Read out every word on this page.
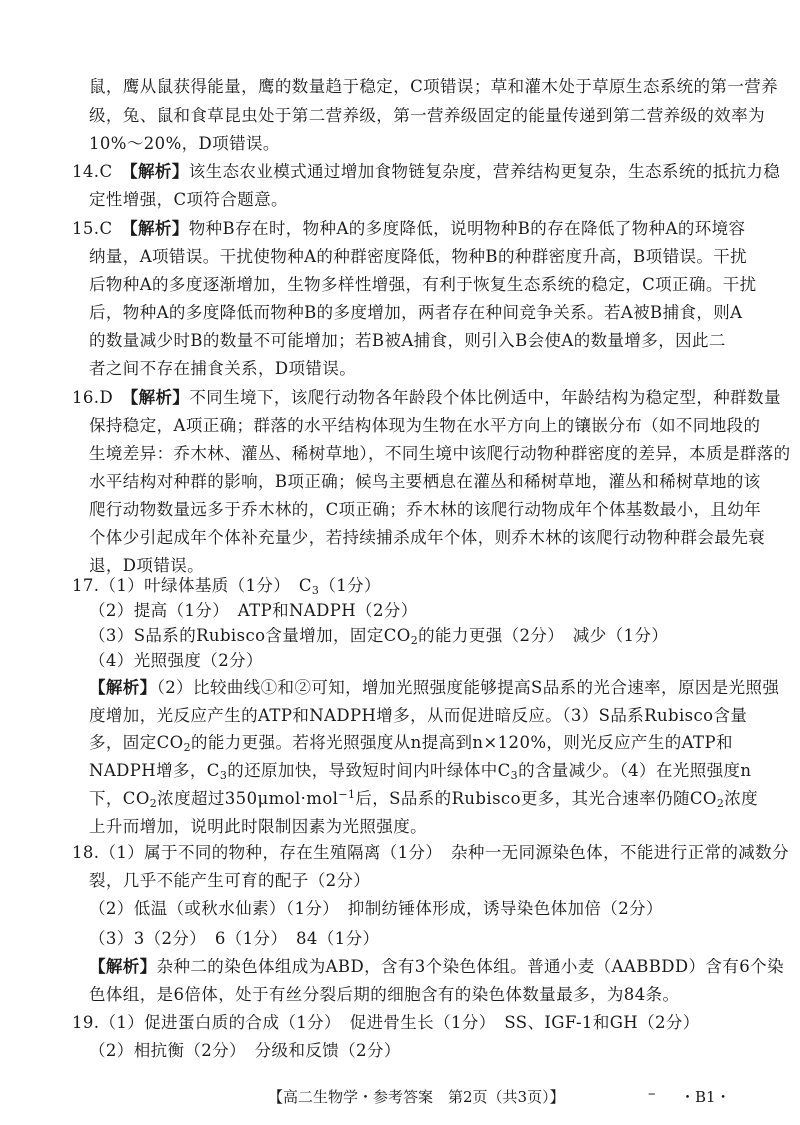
鼠，鹰从鼠获得能量，鹰的数量趋于稳定，C项错误；草和灌木处于草原生态系统的第一营养
级，兔、鼠和食草昆虫处于第二营养级，第一营养级固定的能量传递到第二营养级的效率为
10%～20%，D项错误。
14.C　【解析】该生态农业模式通过增加食物链复杂度，营养结构更复杂，生态系统的抵抗力稳
定性增强，C项符合题意。
15.C　【解析】物种B存在时，物种A的多度降低，说明物种B的存在降低了物种A的环境容
纳量，A项错误。干扰使物种A的种群密度降低，物种B的种群密度升高，B项错误。干扰
后物种A的多度逐渐增加，生物多样性增强，有利于恢复生态系统的稳定，C项正确。干扰
后，物种A的多度降低而物种B的多度增加，两者存在种间竞争关系。若A被B捕食，则A
的数量减少时B的数量不可能增加；若B被A捕食，则引入B会使A的数量增多，因此二
者之间不存在捕食关系，D项错误。
16.D　【解析】不同生境下，该爬行动物各年龄段个体比例适中，年龄结构为稳定型，种群数量
保持稳定，A项正确；群落的水平结构体现为生物在水平方向上的镶嵌分布（如不同地段的
生境差异：乔木林、灌丛、稀树草地），不同生境中该爬行动物种群密度的差异，本质是群落的
水平结构对种群的影响，B项正确；候鸟主要栖息在灌丛和稀树草地，灌丛和稀树草地的该
爬行动物数量远多于乔木林的，C项正确；乔木林的该爬行动物成年个体基数最小，且幼年
个体少引起成年个体补充量少，若持续捕杀成年个体，则乔木林的该爬行动物种群会最先衰
退，D项错误。
17.（1）叶绿体基质（1分）　$C_3(1$分）
（2）提高（1分）　ATP和NADPH（2分）
（3）S品系的Rubisco含量增加，固定$CO_2$的能力更强（2分）　减少（1分）
（4）光照强度（2分）
【解析】（2）比较曲线①和②可知，增加光照强度能够提高S品系的光合速率，原因是光照强
度增加，光反应产生的ATP和NADPH增多，从而促进暗反应。（3）S品系Rubisco含量
多，固定$CO_2$的能力更强。若将光照强度从n提高到n×120%，则光反应产生的ATP和
NADPH增多，$C_3$的还原加快，导致短时间内叶绿体中$C_3$的含量减少。（4）在光照强度n
下，$CO_2$浓度超过350μmol·mol$^{-1}$后，S品系的Rubisco更多，其光合速率仍随$CO_2$浓度
上升而增加，说明此时限制因素为光照强度。
18.（1）属于不同的物种，存在生殖隔离（1分）　杂种一无同源染色体，不能进行正常的减数分
裂，几乎不能产生可育的配子（2分）
（2）低温（或秋水仙素）（1分）　抑制纺锤体形成，诱导染色体加倍（2分）
（3）3（2分）　6（1分）　84（1分）
【解析】杂种二的染色体组成为ABD，含有3个染色体组。普通小麦（AABBDD）含有6个染
色体组，是6倍体，处于有丝分裂后期的细胞含有的染色体数量最多，为84条。
19.（1）促进蛋白质的合成（1分）　促进骨生长（1分）　SS、IGF-1和GH（2分）
（2）相抗衡（2分）　分级和反馈（2分）
【高二生物学・参考答案　第2页（共3页）】	– ・B1・
